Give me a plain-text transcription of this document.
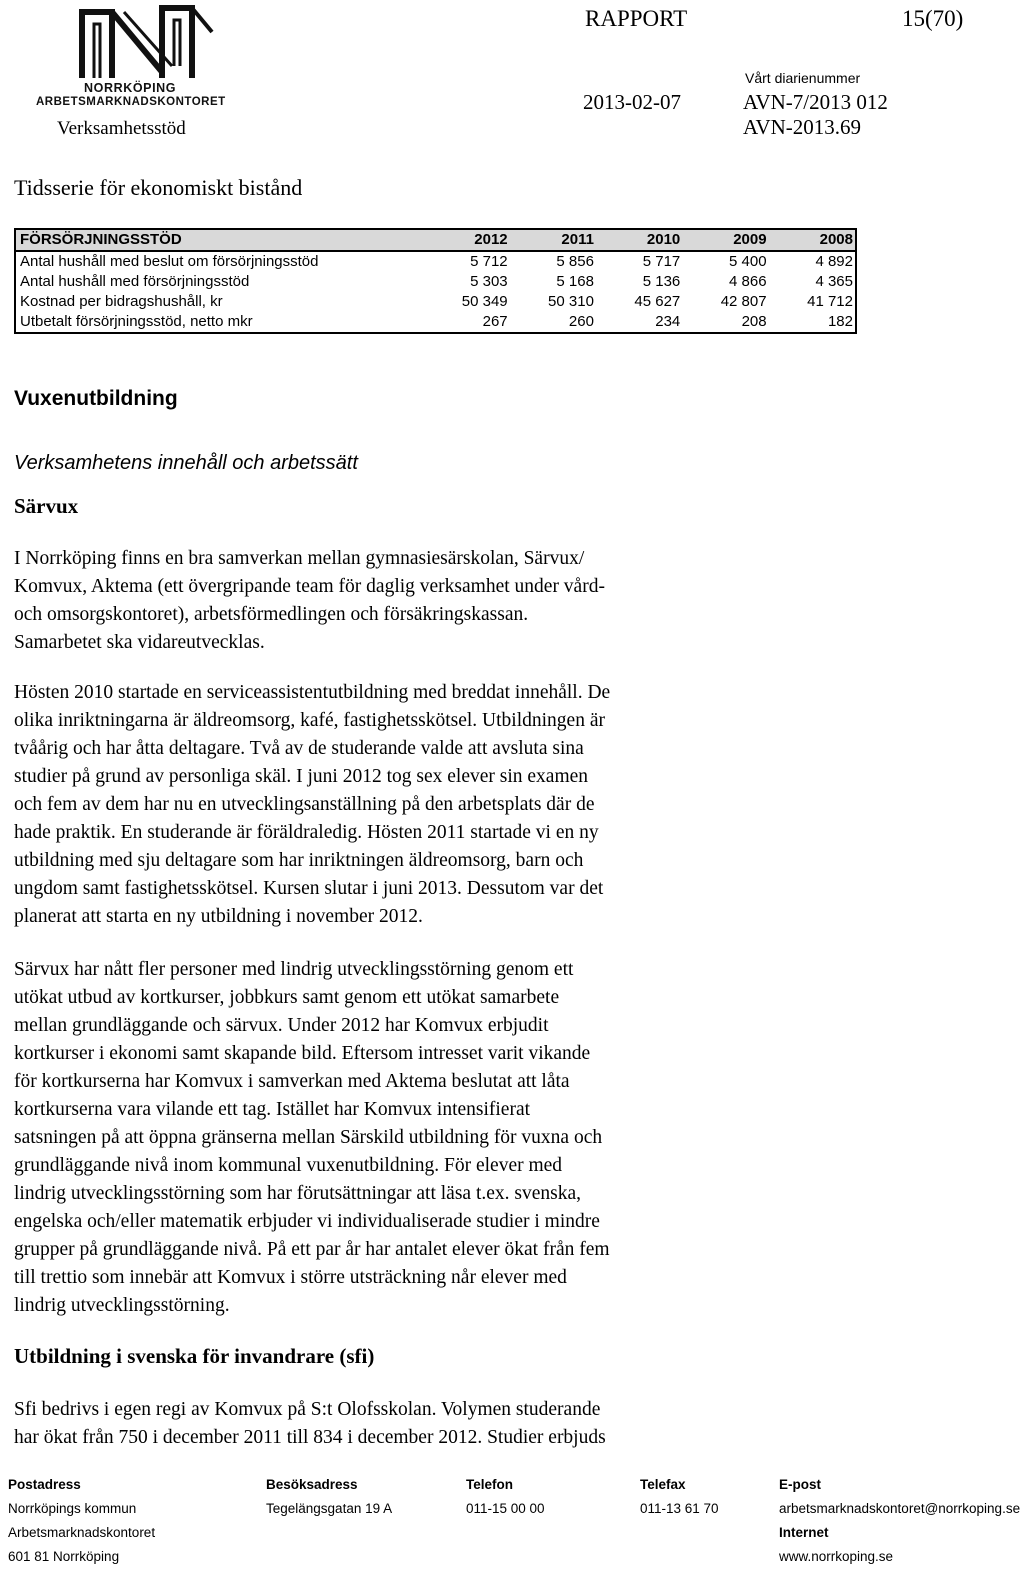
NORRKÖPING
ARBETSMARKNADSKONTORET
RAPPORT	15(70)
Vårt diarienummer
2013-02-07	AVN-7/2013 012
Verksamhetsstöd	AVN-2013.69
Tidsserie för ekonomiskt bistånd
FÖRSÖRJNINGSSTÖD	2012	2011	2010	2009	2008
Antal hushåll med beslut om försörjningsstöd	5 712	5 856	5 717	5 400	4 892
Antal hushåll med försörjningsstöd	5 303	5 168	5 136	4 866	4 365
Kostnad per bidragshushåll, kr	50 349	50 310	45 627	42 807	41 712
Utbetalt försörjningsstöd, netto mkr	267	260	234	208	182
Vuxenutbildning
Verksamhetens innehåll och arbetssätt
Särvux
I Norrköping finns en bra samverkan mellan gymnasiesärskolan, Särvux/
Komvux, Aktema (ett övergripande team för daglig verksamhet under vård-
och omsorgskontoret), arbetsförmedlingen och försäkringskassan.
Samarbetet ska vidareutvecklas.
Hösten 2010 startade en serviceassistentutbildning med breddat innehåll. De
olika inriktningarna är äldreomsorg, kafé, fastighetsskötsel. Utbildningen är
tvåårig och har åtta deltagare. Två av de studerande valde att avsluta sina
studier på grund av personliga skäl. I juni 2012 tog sex elever sin examen
och fem av dem har nu en utvecklingsanställning på den arbetsplats där de
hade praktik. En studerande är föräldraledig. Hösten 2011 startade vi en ny
utbildning med sju deltagare som har inriktningen äldreomsorg, barn och
ungdom samt fastighetsskötsel. Kursen slutar i juni 2013. Dessutom var det
planerat att starta en ny utbildning i november 2012.
Särvux har nått fler personer med lindrig utvecklingsstörning genom ett
utökat utbud av kortkurser, jobbkurs samt genom ett utökat samarbete
mellan grundläggande och särvux. Under 2012 har Komvux erbjudit
kortkurser i ekonomi samt skapande bild. Eftersom intresset varit vikande
för kortkurserna har Komvux i samverkan med Aktema beslutat att låta
kortkurserna vara vilande ett tag. Istället har Komvux intensifierat
satsningen på att öppna gränserna mellan Särskild utbildning för vuxna och
grundläggande nivå inom kommunal vuxenutbildning. För elever med
lindrig utvecklingsstörning som har förutsättningar att läsa t.ex. svenska,
engelska och/eller matematik erbjuder vi individualiserade studier i mindre
grupper på grundläggande nivå. På ett par år har antalet elever ökat från fem
till trettio som innebär att Komvux i större utsträckning når elever med
lindrig utvecklingsstörning.
Utbildning i svenska för invandrare (sfi)
Sfi bedrivs i egen regi av Komvux på S:t Olofsskolan. Volymen studerande
har ökat från 750 i december 2011 till 834 i december 2012. Studier erbjuds
Postadress
Norrköpings kommun
Arbetsmarknadskontoret
601 81 Norrköping
Besöksadress
Tegelängsgatan 19 A
Telefon
011-15 00 00
Telefax
011-13 61 70
E-post
arbetsmarknadskontoret@norrkoping.se
Internet
www.norrkoping.se
